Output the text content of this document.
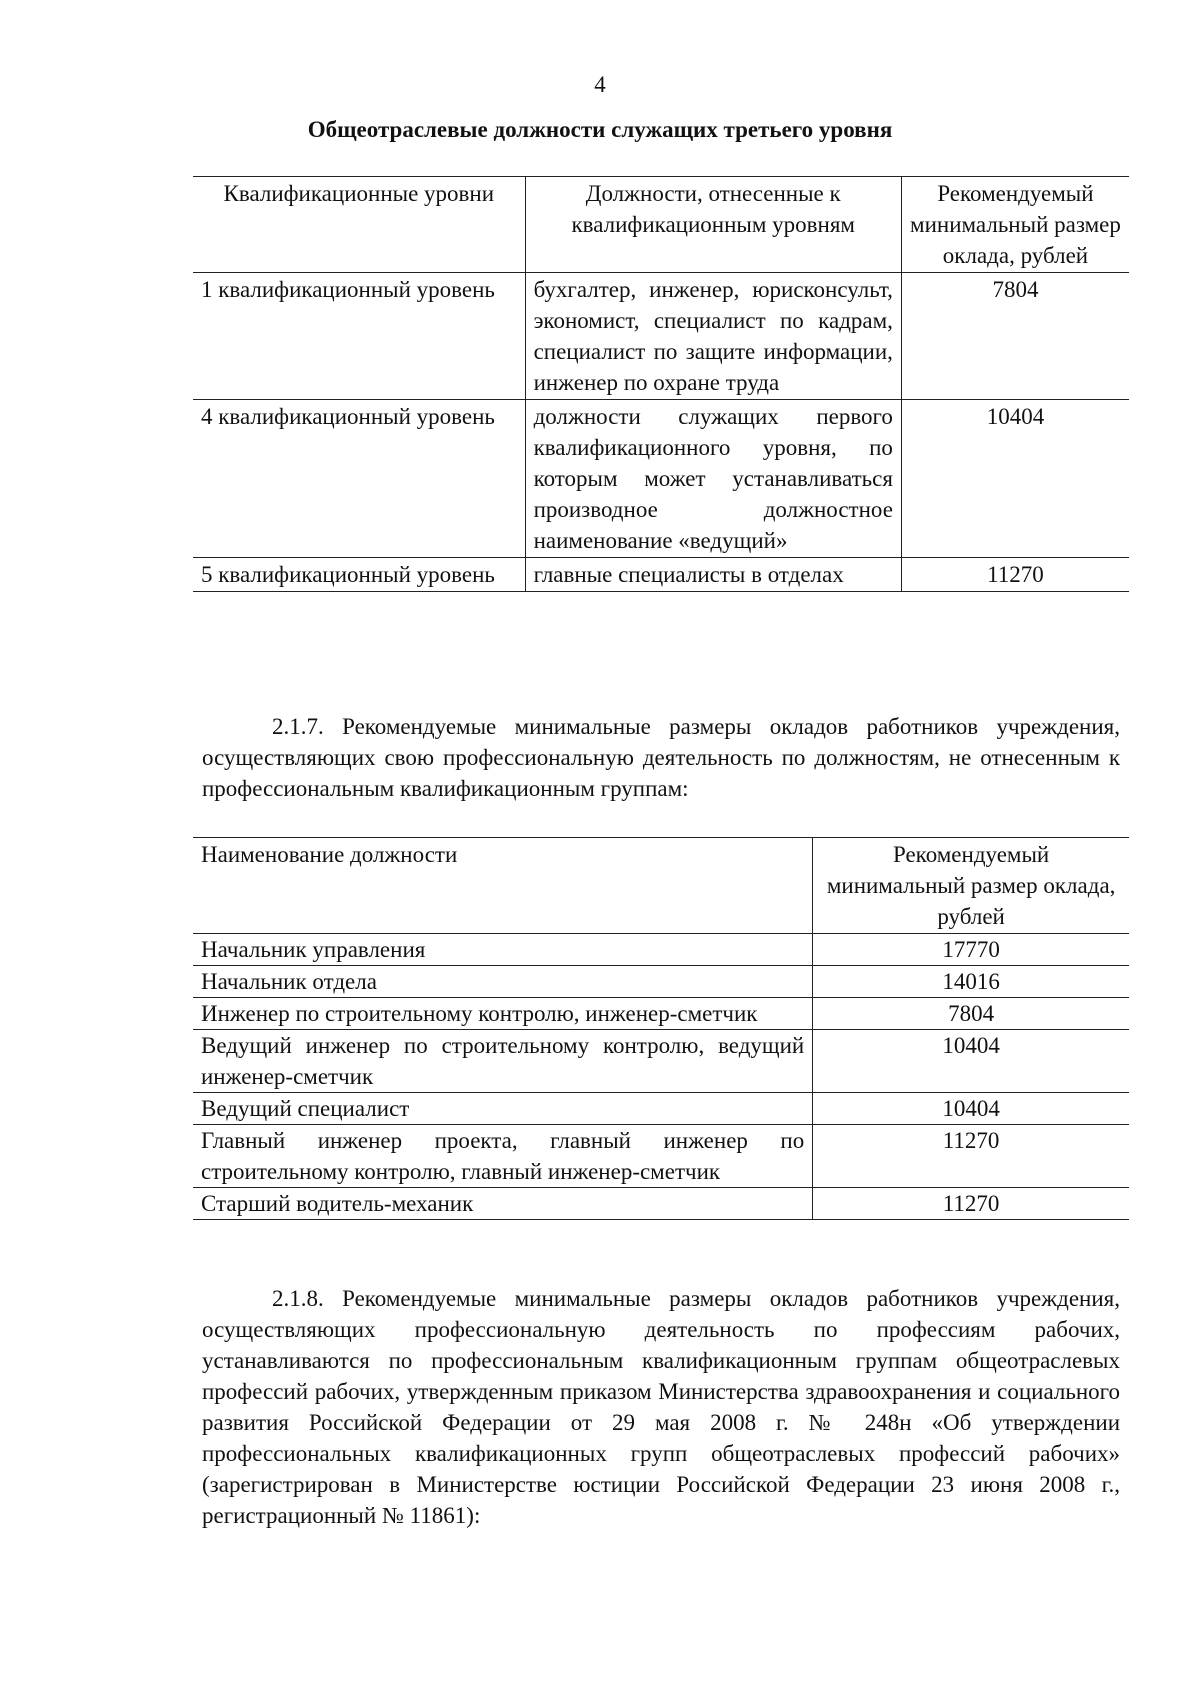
4
Общеотраслевые должности служащих третьего уровня
Квалификационные уровни	Должности, отнесенные к квалификационным уровням	Рекомендуемый минимальный размер оклада, рублей
1 квалификационный уровень	бухгалтер, инженер, юрисконсульт, экономист, специалист по кадрам, специалист по защите информации, инженер по охране труда	7804
4 квалификационный уровень	должности служащих первого квалификационного уровня, по которым может устанавливаться производное должностное наименование «ведущий»	10404
5 квалификационный уровень	главные специалисты в отделах	11270

2.1.7. Рекомендуемые минимальные размеры окладов работников учреждения, осуществляющих свою профессиональную деятельность по должностям, не отнесенным к профессиональным квалификационным группам:

Наименование должности	Рекомендуемый минимальный размер оклада, рублей
Начальник управления	17770
Начальник отдела	14016
Инженер по строительному контролю, инженер-сметчик	7804
Ведущий инженер по строительному контролю, ведущий инженер-сметчик	10404
Ведущий специалист	10404
Главный инженер проекта, главный инженер по строительному контролю, главный инженер-сметчик	11270
Старший водитель-механик	11270

2.1.8. Рекомендуемые минимальные размеры окладов работников учреждения, осуществляющих профессиональную деятельность по профессиям рабочих, устанавливаются по профессиональным квалификационным группам общеотраслевых профессий рабочих, утвержденным приказом Министерства здравоохранения и социального развития Российской Федерации от 29 мая 2008 г. № 248н «Об утверждении профессиональных квалификационных групп общеотраслевых профессий рабочих» (зарегистрирован в Министерстве юстиции Российской Федерации 23 июня 2008 г., регистрационный № 11861):
